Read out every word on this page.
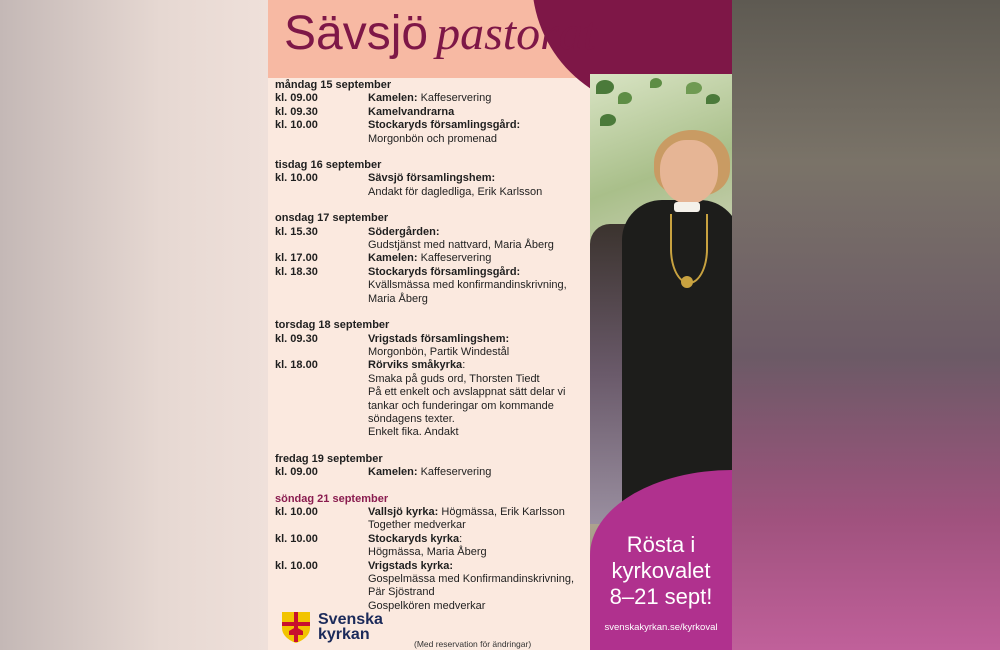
Sävsjö pastorat
Rösta i
kyrkovalet
8–21 sept!
svenskakyrkan.se/kyrkoval
måndag 15 september
kl. 09.00	Kamelen: Kaffeservering
kl. 09.30	Kamelvandrarna
kl. 10.00	Stockaryds församlingsgård:
Morgonbön och promenad
tisdag 16 september
kl. 10.00	Sävsjö församlingshem:
Andakt för dagledliga, Erik Karlsson
onsdag 17 september
kl. 15.30	Södergården:
Gudstjänst med nattvard, Maria Åberg
kl. 17.00	Kamelen: Kaffeservering
kl. 18.30	Stockaryds församlingsgård:
Kvällsmässa med konfirmandinskrivning,
Maria Åberg
torsdag 18 september
kl. 09.30	Vrigstads församlingshem:
Morgonbön, Partik Windestål
kl. 18.00	Rörviks småkyrka:
Smaka på guds ord, Thorsten Tiedt
På ett enkelt och avslappnat sätt delar vi
tankar och funderingar om kommande
söndagens texter.
Enkelt fika. Andakt
fredag 19 september
kl. 09.00	Kamelen: Kaffeservering
söndag 21 september
kl. 10.00	Vallsjö kyrka: Högmässa, Erik Karlsson
Together medverkar
kl. 10.00	Stockaryds kyrka:
Högmässa, Maria Åberg
kl. 10.00	Vrigstads kyrka:
Gospelmässa med Konfirmandinskrivning,
Pär Sjöstrand
Gospelkören medverkar
Svenska
kyrkan
(Med reservation för ändringar)
